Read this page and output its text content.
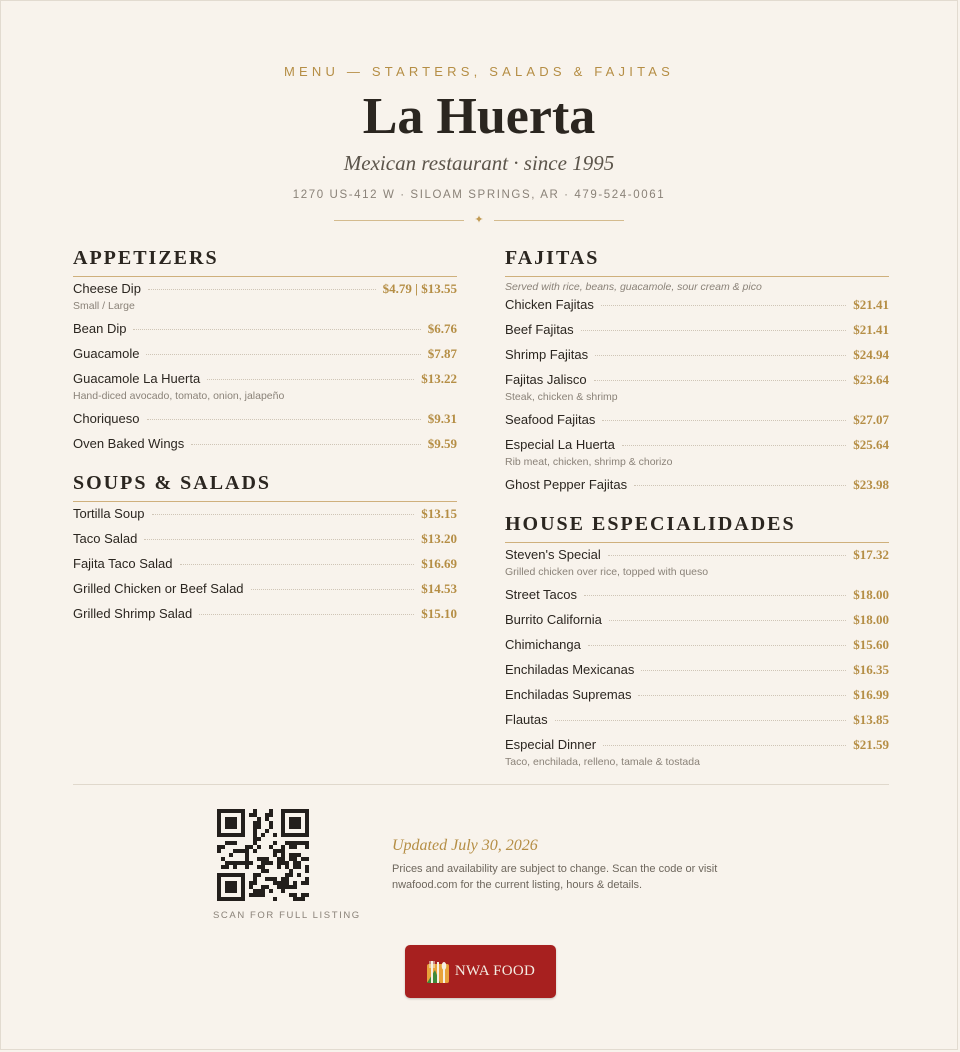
MENU — STARTERS, SALADS & FAJITAS

La Huerta

Mexican restaurant · since 1995

1270 US-412 W · SILOAM SPRINGS, AR · 479-524-0061

✦
APPETIZERS
Cheese Dip	$4.79 | $13.55
Small / Large
Bean Dip	$6.76
Guacamole	$7.87
Guacamole La Huerta	$13.22
Hand-diced avocado, tomato, onion, jalapeño
Choriqueso	$9.31
Oven Baked Wings	$9.59
SOUPS & SALADS
Tortilla Soup	$13.15
Taco Salad	$13.20
Fajita Taco Salad	$16.69
Grilled Chicken or Beef Salad	$14.53
Grilled Shrimp Salad	$15.10
FAJITAS

Served with rice, beans, guacamole, sour cream & pico

Chicken Fajitas	$21.41
Beef Fajitas	$21.41
Shrimp Fajitas	$24.94
Fajitas Jalisco	$23.64
Steak, chicken & shrimp
Seafood Fajitas	$27.07
Especial La Huerta	$25.64
Rib meat, chicken, shrimp & chorizo
Ghost Pepper Fajitas	$23.98
HOUSE ESPECIALIDADES
Steven's Special	$17.32
Grilled chicken over rice, topped with queso
Street Tacos	$18.00
Burrito California	$18.00
Chimichanga	$15.60
Enchiladas Mexicanas	$16.35
Enchiladas Supremas	$16.99
Flautas	$13.85
Especial Dinner	$21.59
Taco, enchilada, relleno, tamale & tostada
SCAN FOR FULL LISTING

Updated July 30, 2026

Prices and availability are subject to change. Scan the code or visit nwafood.com for the current listing, hours & details.

NWA FOOD
